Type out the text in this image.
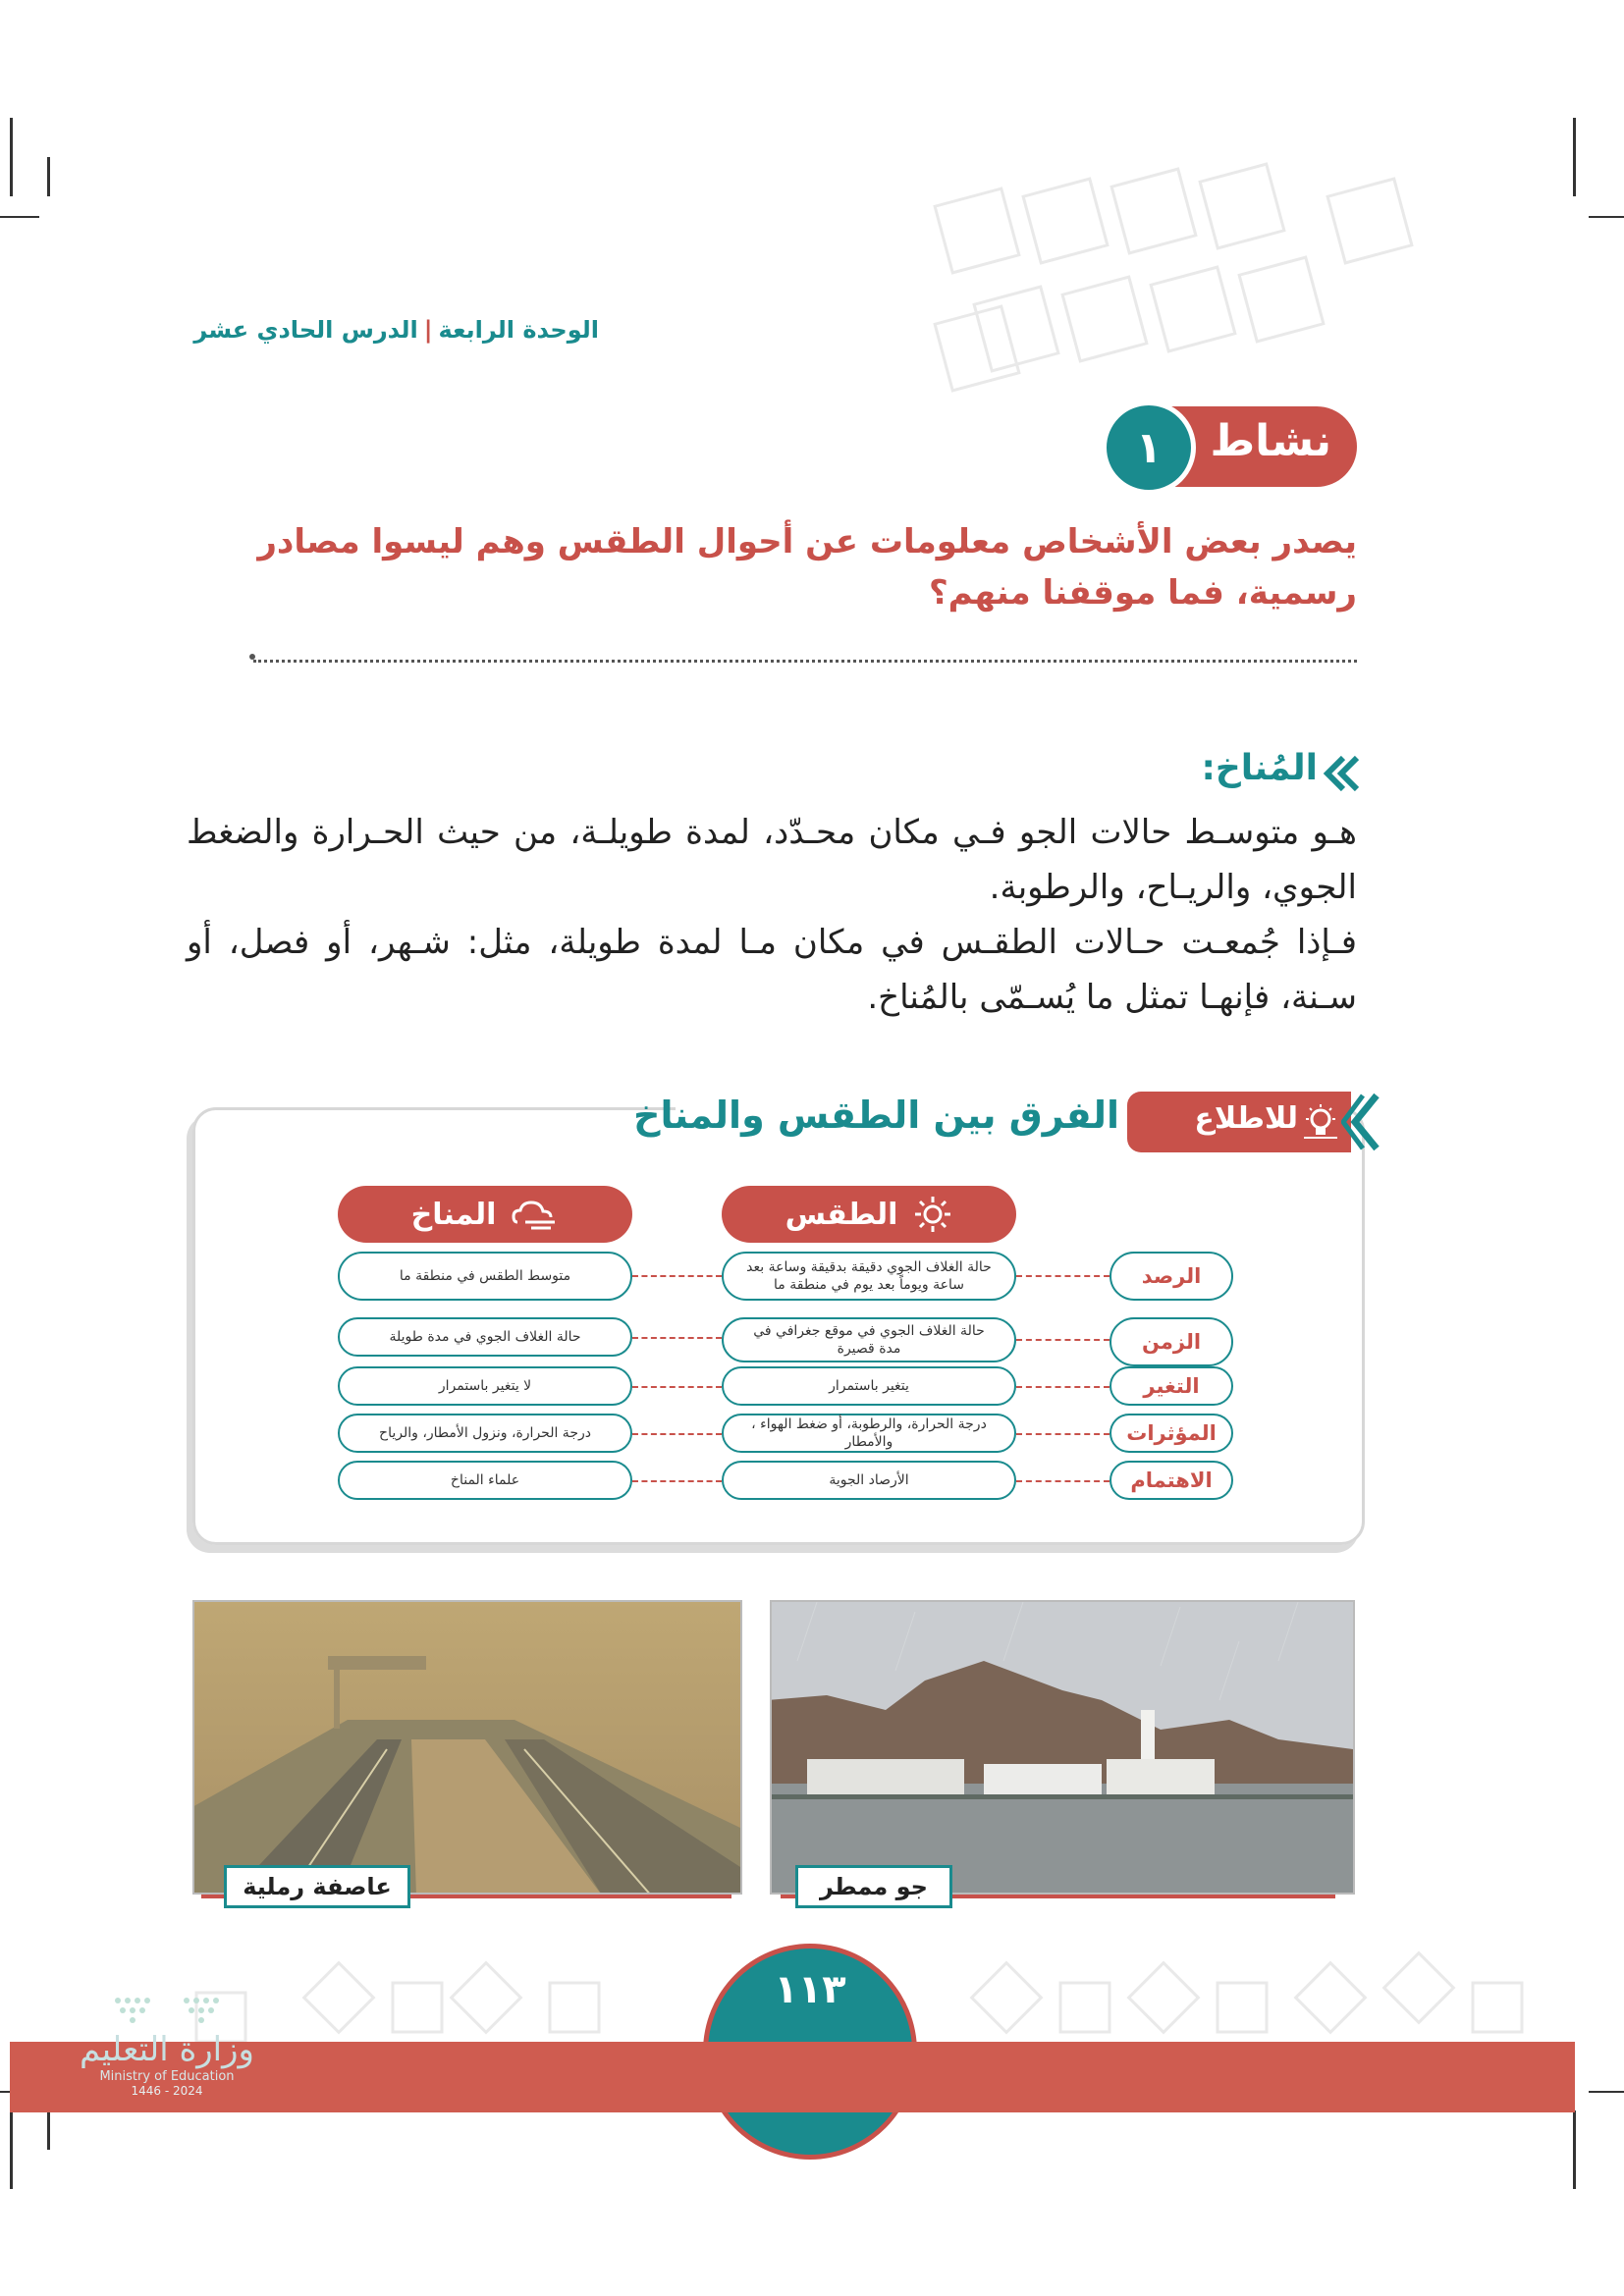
الوحدة الرابعة|الدرس الحادي عشر
نشاط
١
يصدر بعض الأشخاص معلومات عن أحوال الطقس وهم ليسوا مصادر رسمية، فما موقفنا منهم؟
المُناخ:

هـو متوسـط حالات الجو فـي مكان محـدّد، لمدة طويلـة، من حيث الحـرارة والضغط الجوي، والريـاح، والرطوبة.

فـإذا جُمعـت حـالات الطقـس في مكان مـا لمدة طويلة، مثل: شـهر، أو فصل، أو سـنة، فإنهـا تمثل ما يُسـمّى بالمُناخ.

الفرق بين الطقس والمناخ	للاطلاع
الطقس
المناخ
الرصد
حالة الغلاف الجوي دقيقة بدقيقة وساعة بعد ساعة ويوماً بعد يوم في منطقة ما
متوسط الطقس في منطقة ما
الزمن
حالة الغلاف الجوي في موقع جغرافي في مدة قصيرة
حالة الغلاف الجوي في مدة طويلة
التغير
يتغير باستمرار
لا يتغير باستمرار
المؤثرات
درجة الحرارة، والرطوبة، أو ضغط الهواء ، والأمطار
درجة الحرارة، ونزول الأمطار، والرياح
الاهتمام
الأرصاد الجوية
علماء المناخ
عاصفة رملية	جو ممطر
١١٣
وزارة التعليم
Ministry of Education
2024 - 1446
